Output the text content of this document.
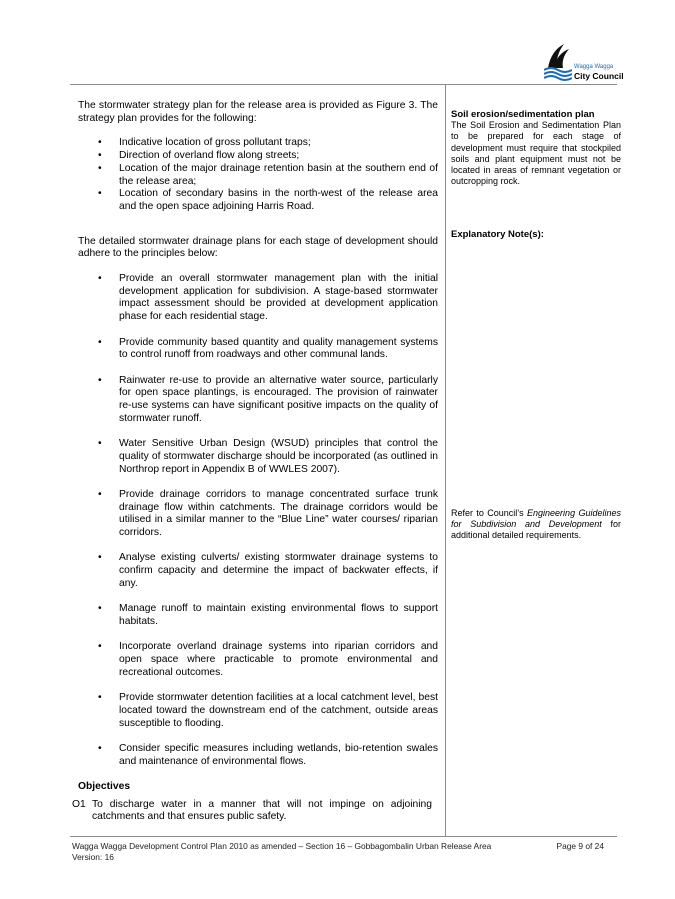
Wagga Wagga
City Council

The stormwater strategy plan for the release area is provided as Figure 3. The strategy plan provides for the following:

• Indicative location of gross pollutant traps;
• Direction of overland flow along streets;
• Location of the major drainage retention basin at the southern end of the release area;
• Location of secondary basins in the north-west of the release area and the open space adjoining Harris Road.

The detailed stormwater drainage plans for each stage of development should adhere to the principles below:

• Provide an overall stormwater management plan with the initial development application for subdivision. A stage-based stormwater impact assessment should be provided at development application phase for each residential stage.
• Provide community based quantity and quality management systems to control runoff from roadways and other communal lands.
• Rainwater re-use to provide an alternative water source, particularly for open space plantings, is encouraged. The provision of rainwater re-use systems can have significant positive impacts on the quality of stormwater runoff.
• Water Sensitive Urban Design (WSUD) principles that control the quality of stormwater discharge should be incorporated (as outlined in Northrop report in Appendix B of WWLES 2007).
• Provide drainage corridors to manage concentrated surface trunk drainage flow within catchments. The drainage corridors would be utilised in a similar manner to the “Blue Line” water courses/ riparian corridors.
• Analyse existing culverts/ existing stormwater drainage systems to confirm capacity and determine the impact of backwater effects, if any.
• Manage runoff to maintain existing environmental flows to support habitats.
• Incorporate overland drainage systems into riparian corridors and open space where practicable to promote environmental and recreational outcomes.
• Provide stormwater detention facilities at a local catchment level, best located toward the downstream end of the catchment, outside areas susceptible to flooding.
• Consider specific measures including wetlands, bio-retention swales and maintenance of environmental flows.

Objectives

O1 To discharge water in a manner that will not impinge on adjoining catchments and that ensures public safety.

Soil erosion/sedimentation plan

The Soil Erosion and Sedimentation Plan to be prepared for each stage of development must require that stockpiled soils and plant equipment must not be located in areas of remnant vegetation or outcropping rock.

Explanatory Note(s):

Refer to Council’s Engineering Guidelines for Subdivision and Development for additional detailed requirements.

Wagga Wagga Development Control Plan 2010 as amended – Section 16 – Gobbagombalin Urban Release Area	Page 9 of 24
Version: 16
